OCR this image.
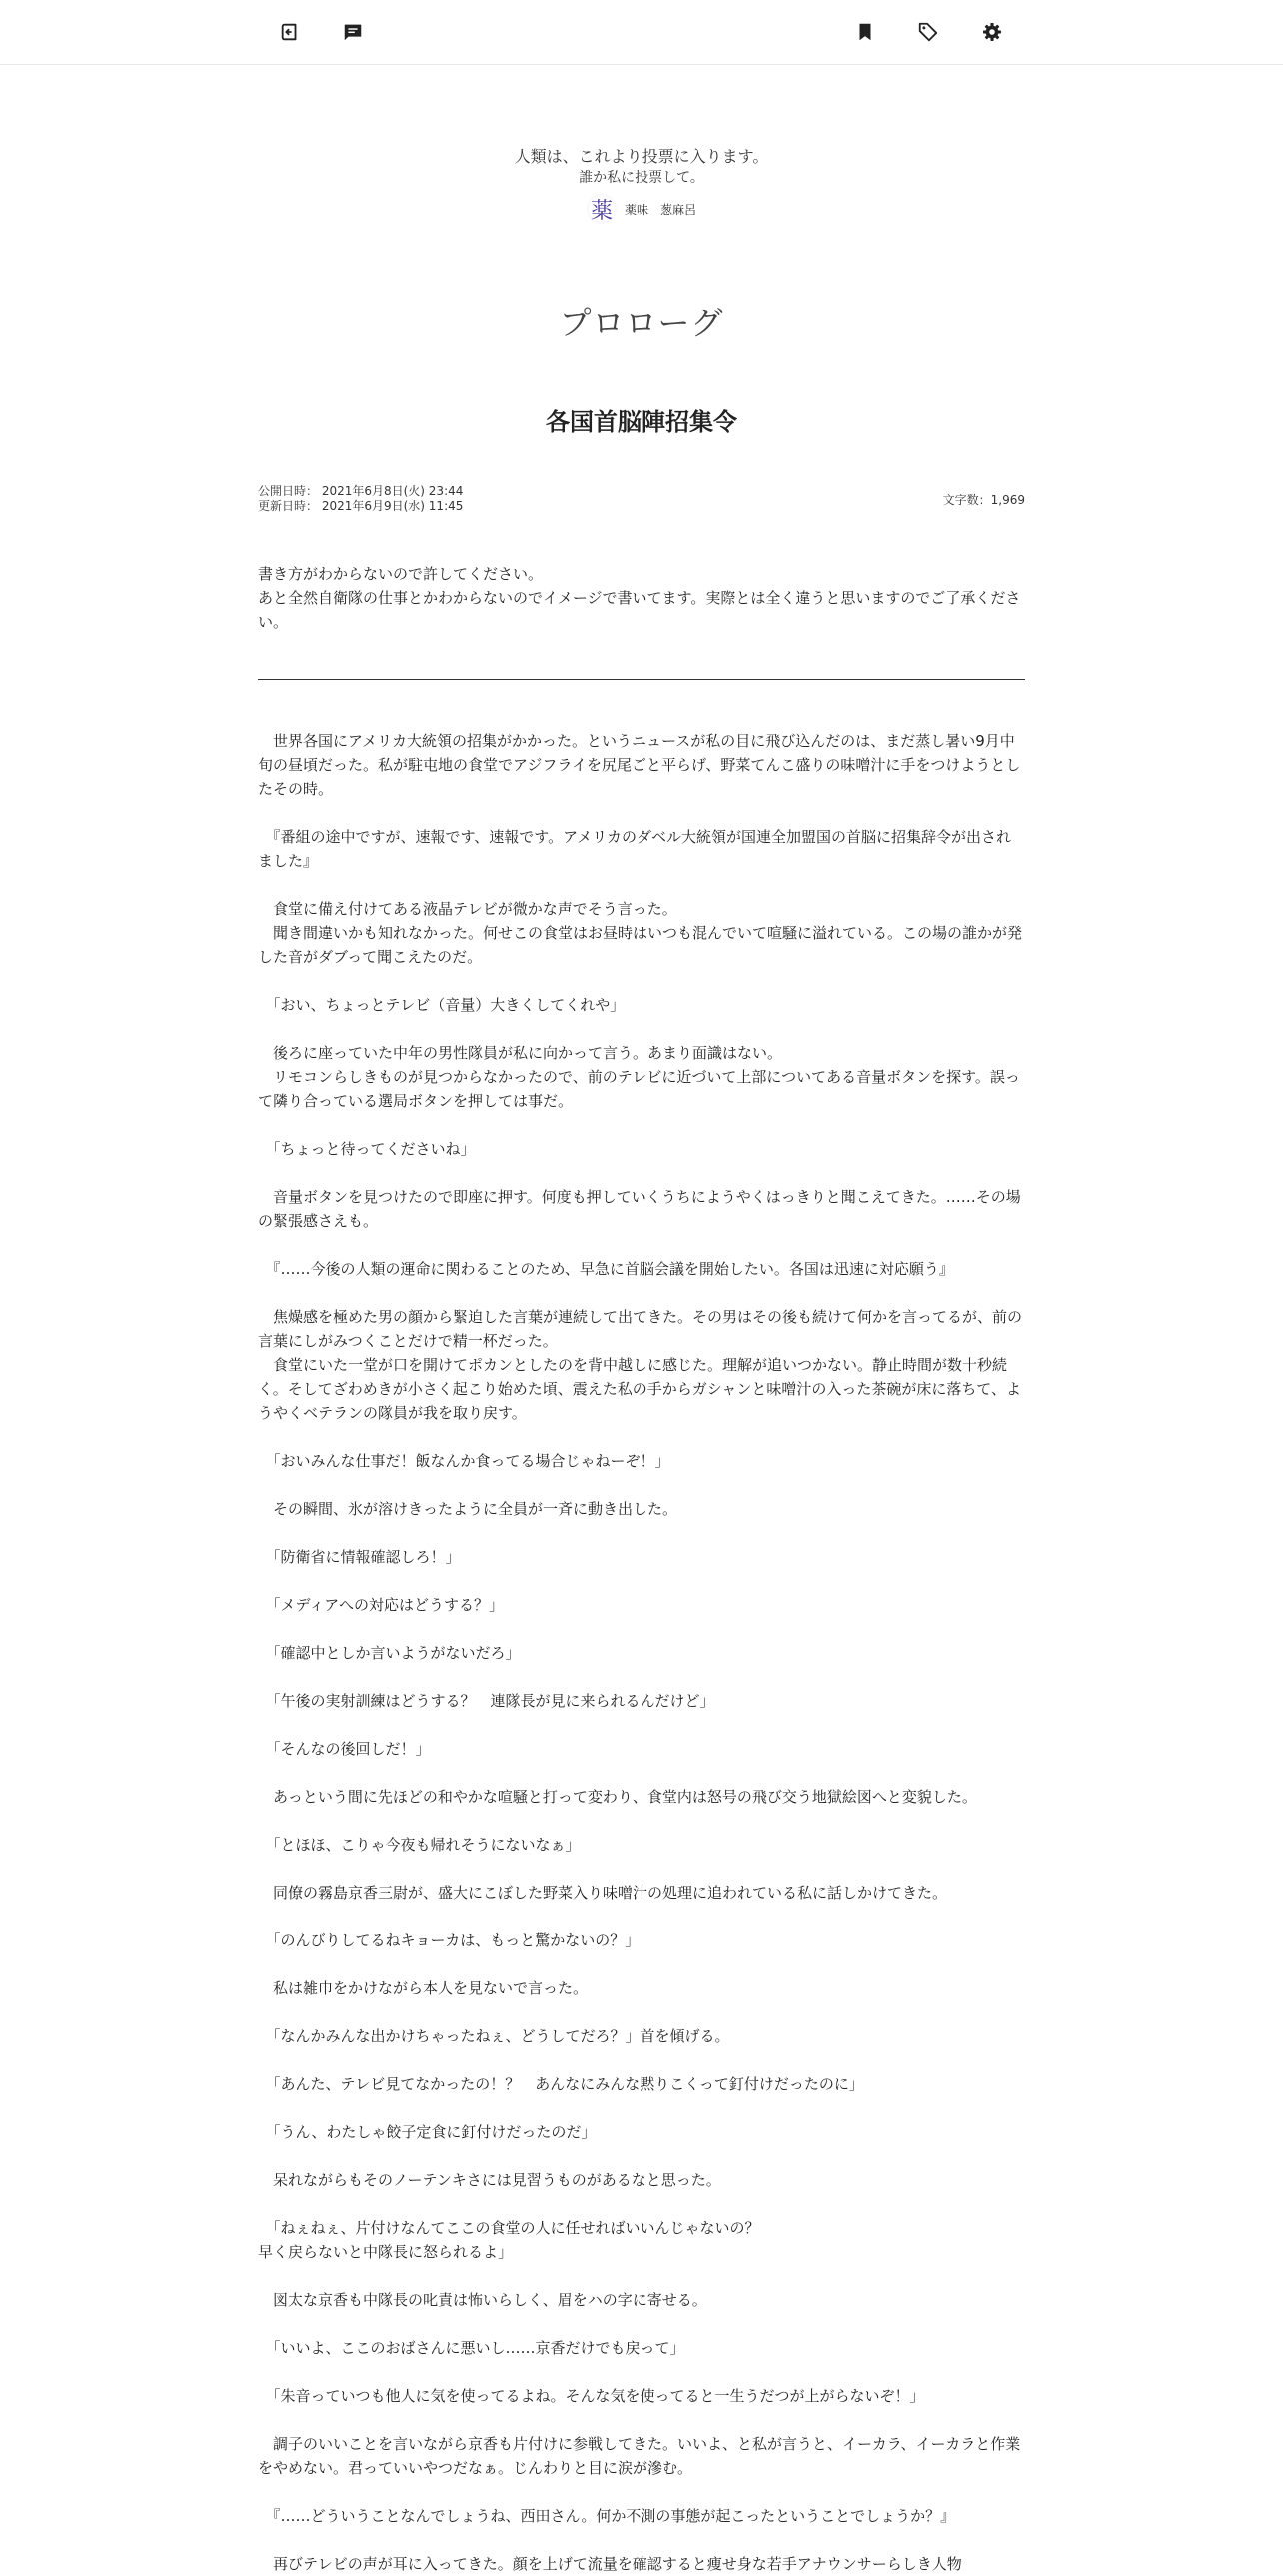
人類は、これより投票に入ります。
誰か私に投票して。
薬	薬味　葱麻呂
プロローグ
各国首脳陣招集令
公開日時： 2021年6月8日(火) 23:44
更新日時： 2021年6月9日(水) 11:45	文字数：1,969
書き方がわからないので許してください。
あと全然自衛隊の仕事とかわからないのでイメージで書いてます。実際とは全く違うと思いますのでご了承ください。

　世界各国にアメリカ大統領の招集がかかった。というニュースが私の目に飛び込んだのは、まだ蒸し暑い9月中旬の昼頃だった。私が駐屯地の食堂でアジフライを尻尾ごと平らげ、野菜てんこ盛りの味噌汁に手をつけようとしたその時。

　『番組の途中ですが、速報です、速報です。アメリカのダベル大統領が国連全加盟国の首脳に招集辞令が出されました』

　食堂に備え付けてある液晶テレビが微かな声でそう言った。

　聞き間違いかも知れなかった。何せこの食堂はお昼時はいつも混んでいて喧騒に溢れている。この場の誰かが発した音がダブって聞こえたのだ。

　「おい、ちょっとテレビ（音量）大きくしてくれや」

　後ろに座っていた中年の男性隊員が私に向かって言う。あまり面識はない。

　リモコンらしきものが見つからなかったので、前のテレビに近づいて上部についてある音量ボタンを探す。誤って隣り合っている選局ボタンを押しては事だ。

　「ちょっと待ってくださいね」

　音量ボタンを見つけたので即座に押す。何度も押していくうちにようやくはっきりと聞こえてきた。……その場の緊張感さえも。

　『……今後の人類の運命に関わることのため、早急に首脳会議を開始したい。各国は迅速に対応願う』

　焦燥感を極めた男の顔から緊迫した言葉が連続して出てきた。その男はその後も続けて何かを言ってるが、前の言葉にしがみつくことだけで精一杯だった。

　食堂にいた一堂が口を開けてポカンとしたのを背中越しに感じた。理解が追いつかない。静止時間が数十秒続く。そしてざわめきが小さく起こり始めた頃、震えた私の手からガシャンと味噌汁の入った茶碗が床に落ちて、ようやくベテランの隊員が我を取り戻す。

　「おいみんな仕事だ！飯なんか食ってる場合じゃねーぞ！」

　その瞬間、氷が溶けきったように全員が一斉に動き出した。

　「防衛省に情報確認しろ！」

　「メディアへの対応はどうする？」

　「確認中としか言いようがないだろ」

　「午後の実射訓練はどうする？　連隊長が見に来られるんだけど」

　「そんなの後回しだ！」

　あっという間に先ほどの和やかな喧騒と打って変わり、食堂内は怒号の飛び交う地獄絵図へと変貌した。

　「とほほ、こりゃ今夜も帰れそうにないなぁ」

　同僚の霧島京香三尉が、盛大にこぼした野菜入り味噌汁の処理に追われている私に話しかけてきた。

　「のんびりしてるねキョーカは、もっと驚かないの？」

　私は雑巾をかけながら本人を見ないで言った。

　「なんかみんな出かけちゃったねぇ、どうしてだろ？」首を傾げる。

　「あんた、テレビ見てなかったの！？　あんなにみんな黙りこくって釘付けだったのに」

　「うん、わたしゃ餃子定食に釘付けだったのだ」

　呆れながらもそのノーテンキさには見習うものがあるなと思った。

　「ねぇねぇ、片付けなんてここの食堂の人に任せればいいんじゃないの？

早く戻らないと中隊長に怒られるよ」

　図太な京香も中隊長の叱責は怖いらしく、眉をハの字に寄せる。

　「いいよ、ここのおばさんに悪いし……京香だけでも戻って」

　「朱音っていつも他人に気を使ってるよね。そんな気を使ってると一生うだつが上がらないぞ！」

　調子のいいことを言いながら京香も片付けに参戦してきた。いいよ、と私が言うと、イーカラ、イーカラと作業をやめない。君っていいやつだなぁ。じんわりと目に涙が滲む。

　『……どういうことなんでしょうね、西田さん。何か不測の事態が起こったということでしょうか？』

　再びテレビの声が耳に入ってきた。顔を上げて流量を確認すると痩せ身な若手アナウンサーらしき人物
